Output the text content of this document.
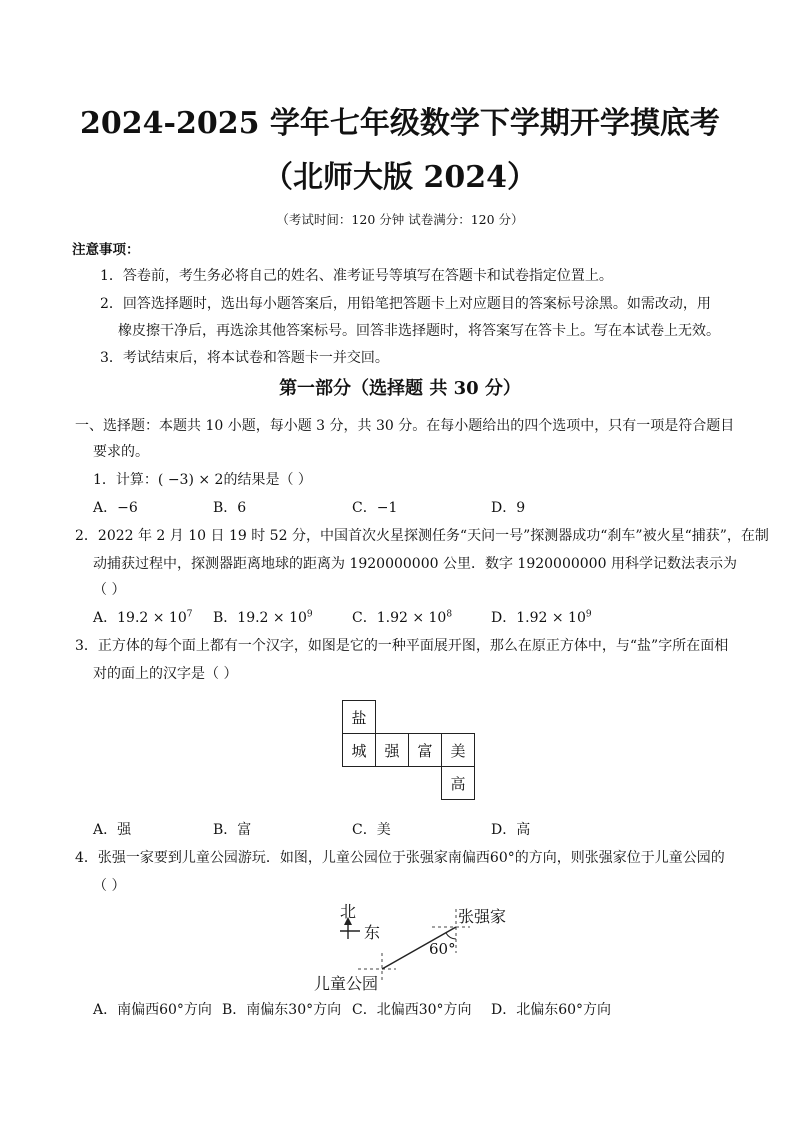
2024-2025 学年七年级数学下学期开学摸底考
（北师大版 2024）
（考试时间：120 分钟 试卷满分：120 分）
注意事项：
1．答卷前，考生务必将自己的姓名、准考证号等填写在答题卡和试卷指定位置上。
2．回答选择题时，选出每小题答案后，用铅笔把答题卡上对应题目的答案标号涂黑。如需改动，用
橡皮擦干净后，再选涂其他答案标号。回答非选择题时，将答案写在答卡上。写在本试卷上无效。
3．考试结束后，将本试卷和答题卡一并交回。
第一部分（选择题 共 30 分）
一、选择题：本题共 10 小题，每小题 3 分，共 30 分。在每小题给出的四个选项中，只有一项是符合题目
要求的。
1．计算：( −3) × 2的结果是（ ）
A．−6	B．6	C．−1	D．9
2．2022 年 2 月 10 日 19 时 52 分，中国首次火星探测任务“天问一号”探测器成功“刹车”被火星“捕获”，在制
动捕获过程中，探测器距离地球的距离为 1920000000 公里．数字 1920000000 用科学记数法表示为
（ ）
A．$19.2 \times 10^7$ B．$19.2 \times 10^9$	C．$1.92 \times 10^8$	D．$1.92 \times 10^9$
3．正方体的每个面上都有一个汉字，如图是它的一种平面展开图，那么在原正方体中，与“盐”字所在面相
对的面上的汉字是（ ）
盐
城	强	富	美
高
A．强	B．富	C．美	D．高
4．张强一家要到儿童公园游玩．如图，儿童公园位于张强家南偏西60°的方向，则张强家位于儿童公园的
（ ）
北
东
张强家
60°
儿童公园
A．南偏西60°方向 B．南偏东30°方向 C．北偏西30°方向 D．北偏东60°方向
